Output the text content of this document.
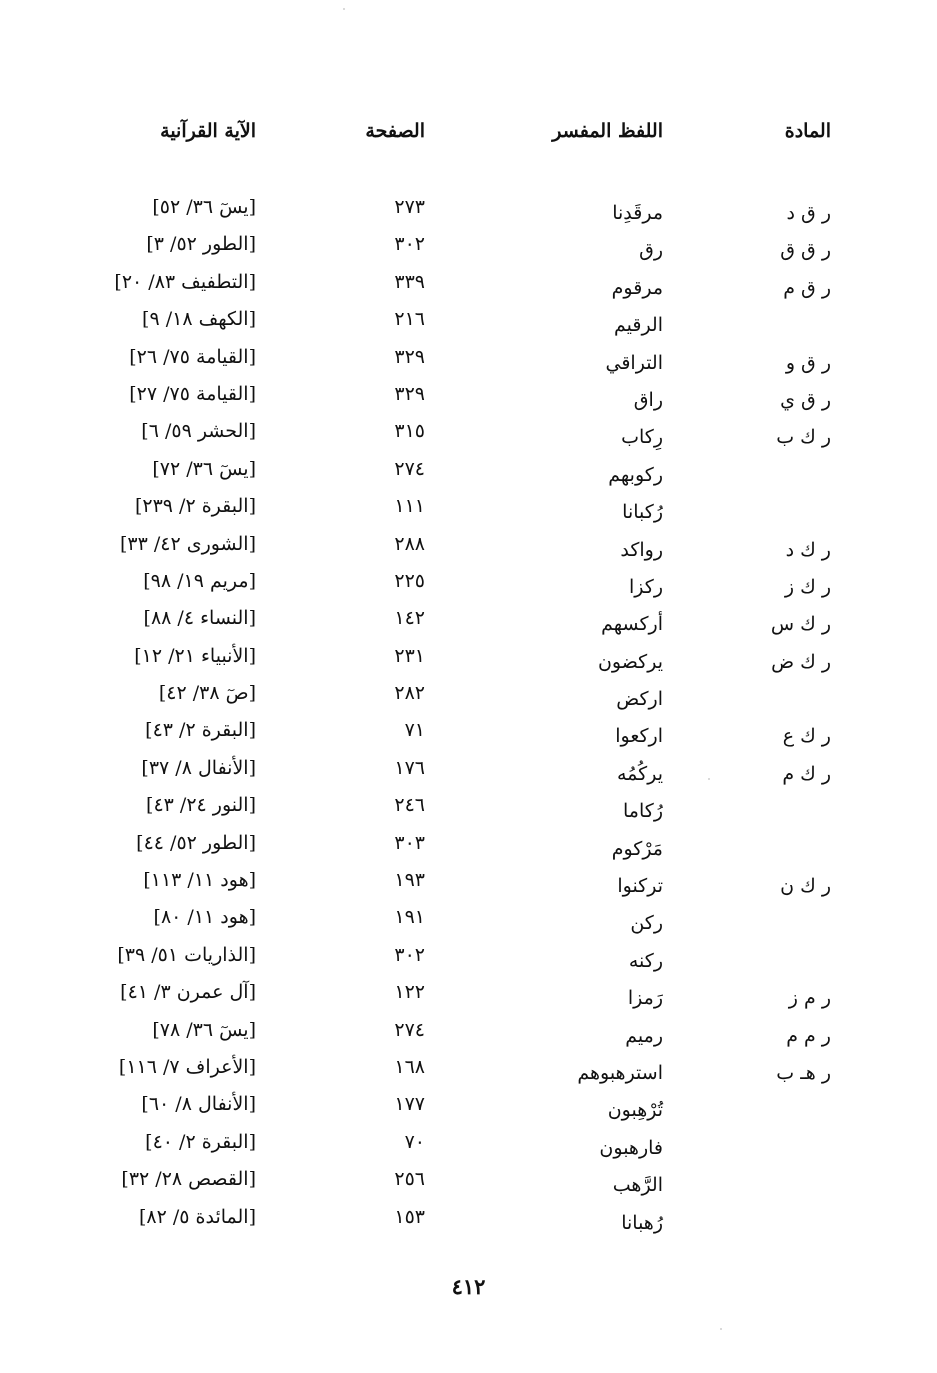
المادة
اللفظ المفسر
الصفحة
الآية القرآنية
ر ق د
مرقَدِنا
٢٧٣
[يسٓ ٣٦/ ٥٢]
ر ق ق
رق
٣٠٢
[الطور ٥٢/ ٣]
ر ق م
مرقوم
٣٣٩
[التطفيف ٨٣/ ٢٠]
الرقيم
٢١٦
[الكهف ١٨/ ٩]
ر ق و
التراقي
٣٢٩
[القيامة ٧٥/ ٢٦]
ر ق ي
راق
٣٢٩
[القيامة ٧٥/ ٢٧]
ر ك ب
رِكاب
٣١٥
[الحشر ٥٩/ ٦]
ركوبهم
٢٧٤
[يسٓ ٣٦/ ٧٢]
رُكبانا
١١١
[البقرة ٢/ ٢٣٩]
ر ك د
رواكد
٢٨٨
[الشورى ٤٢/ ٣٣]
ر ك ز
ركزا
٢٢٥
[مريم ١٩/ ٩٨]
ر ك س
أركسهم
١٤٢
[النساء ٤/ ٨٨]
ر ك ض
يركضون
٢٣١
[الأنبياء ٢١/ ١٢]
اركض
٢٨٢
[صٓ ٣٨/ ٤٢]
ر ك ع
اركعوا
٧١
[البقرة ٢/ ٤٣]
ر ك م
يركُمُه
١٧٦
[الأنفال ٨/ ٣٧]
رُكاما
٢٤٦
[النور ٢٤/ ٤٣]
مَرْكوم
٣٠٣
[الطور ٥٢/ ٤٤]
ر ك ن
تركنوا
١٩٣
[هود ١١/ ١١٣]
ركن
١٩١
[هود ١١/ ٨٠]
ركنه
٣٠٢
[الذاريات ٥١/ ٣٩]
ر م ز
رَمزا
١٢٢
[آل عمرن ٣/ ٤١]
ر م م
رميم
٢٧٤
[يسٓ ٣٦/ ٧٨]
ر هـ ب
استرهبوهم
١٦٨
[الأعراف ٧/ ١١٦]
تُرْهِبون
١٧٧
[الأنفال ٨/ ٦٠]
فارهبون
٧٠
[البقرة ٢/ ٤٠]
الرَّهب
٢٥٦
[القصص ٢٨/ ٣٢]
رُهبانا
١٥٣
[المائدة ٥/ ٨٢]
٤١٢
